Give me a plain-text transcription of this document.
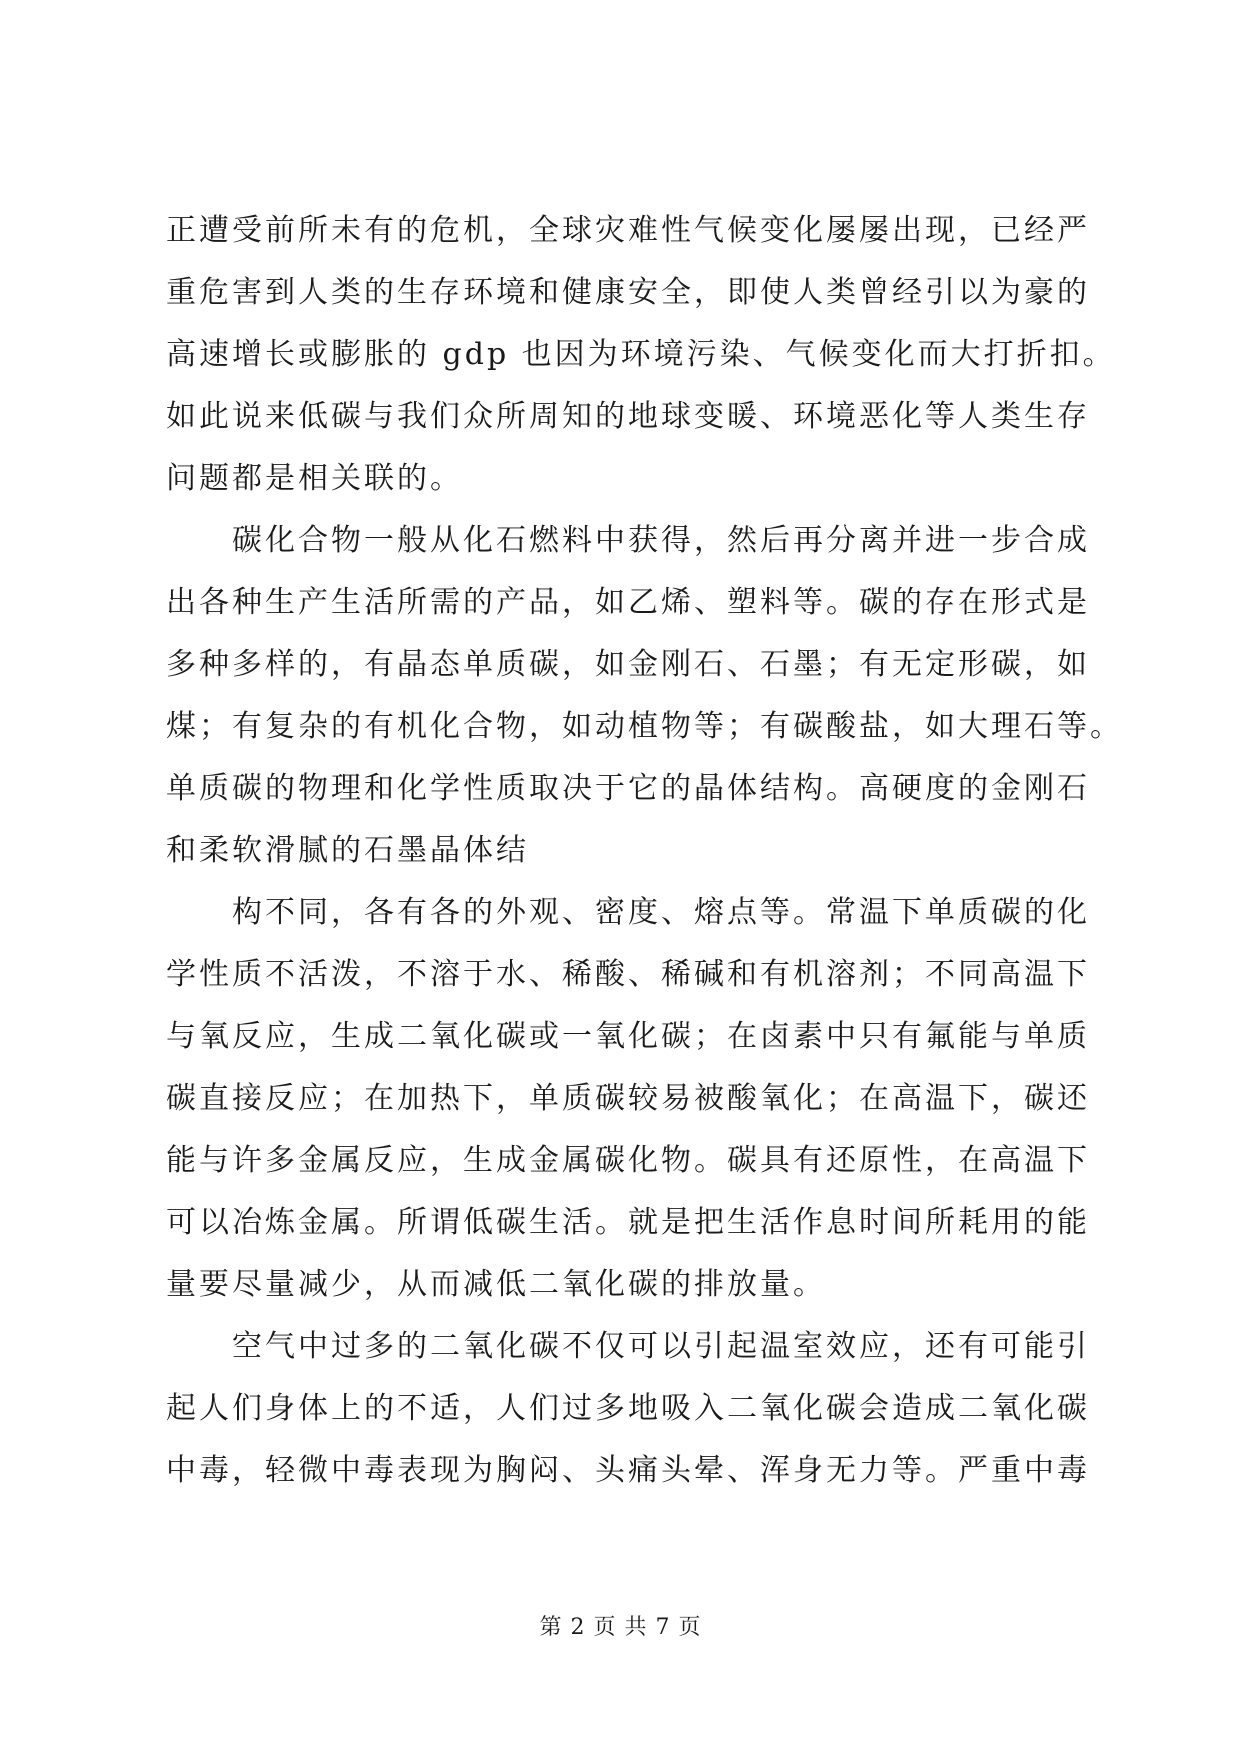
正遭受前所未有的危机，全球灾难性气候变化屡屡出现，已经严
重危害到人类的生存环境和健康安全，即使人类曾经引以为豪的
高速增长或膨胀的 gdp 也因为环境污染、气候变化而大打折扣。
如此说来低碳与我们众所周知的地球变暖、环境恶化等人类生存
问题都是相关联的。
碳化合物一般从化石燃料中获得，然后再分离并进一步合成
出各种生产生活所需的产品，如乙烯、塑料等。碳的存在形式是
多种多样的，有晶态单质碳，如金刚石、石墨；有无定形碳，如
煤；有复杂的有机化合物，如动植物等；有碳酸盐，如大理石等。
单质碳的物理和化学性质取决于它的晶体结构。高硬度的金刚石
和柔软滑腻的石墨晶体结
构不同，各有各的外观、密度、熔点等。常温下单质碳的化
学性质不活泼，不溶于水、稀酸、稀碱和有机溶剂；不同高温下
与氧反应，生成二氧化碳或一氧化碳；在卤素中只有氟能与单质
碳直接反应；在加热下，单质碳较易被酸氧化；在高温下，碳还
能与许多金属反应，生成金属碳化物。碳具有还原性，在高温下
可以冶炼金属。所谓低碳生活。就是把生活作息时间所耗用的能
量要尽量减少，从而减低二氧化碳的排放量。
空气中过多的二氧化碳不仅可以引起温室效应，还有可能引
起人们身体上的不适，人们过多地吸入二氧化碳会造成二氧化碳
中毒，轻微中毒表现为胸闷、头痛头晕、浑身无力等。严重中毒
第 2 页 共 7 页
